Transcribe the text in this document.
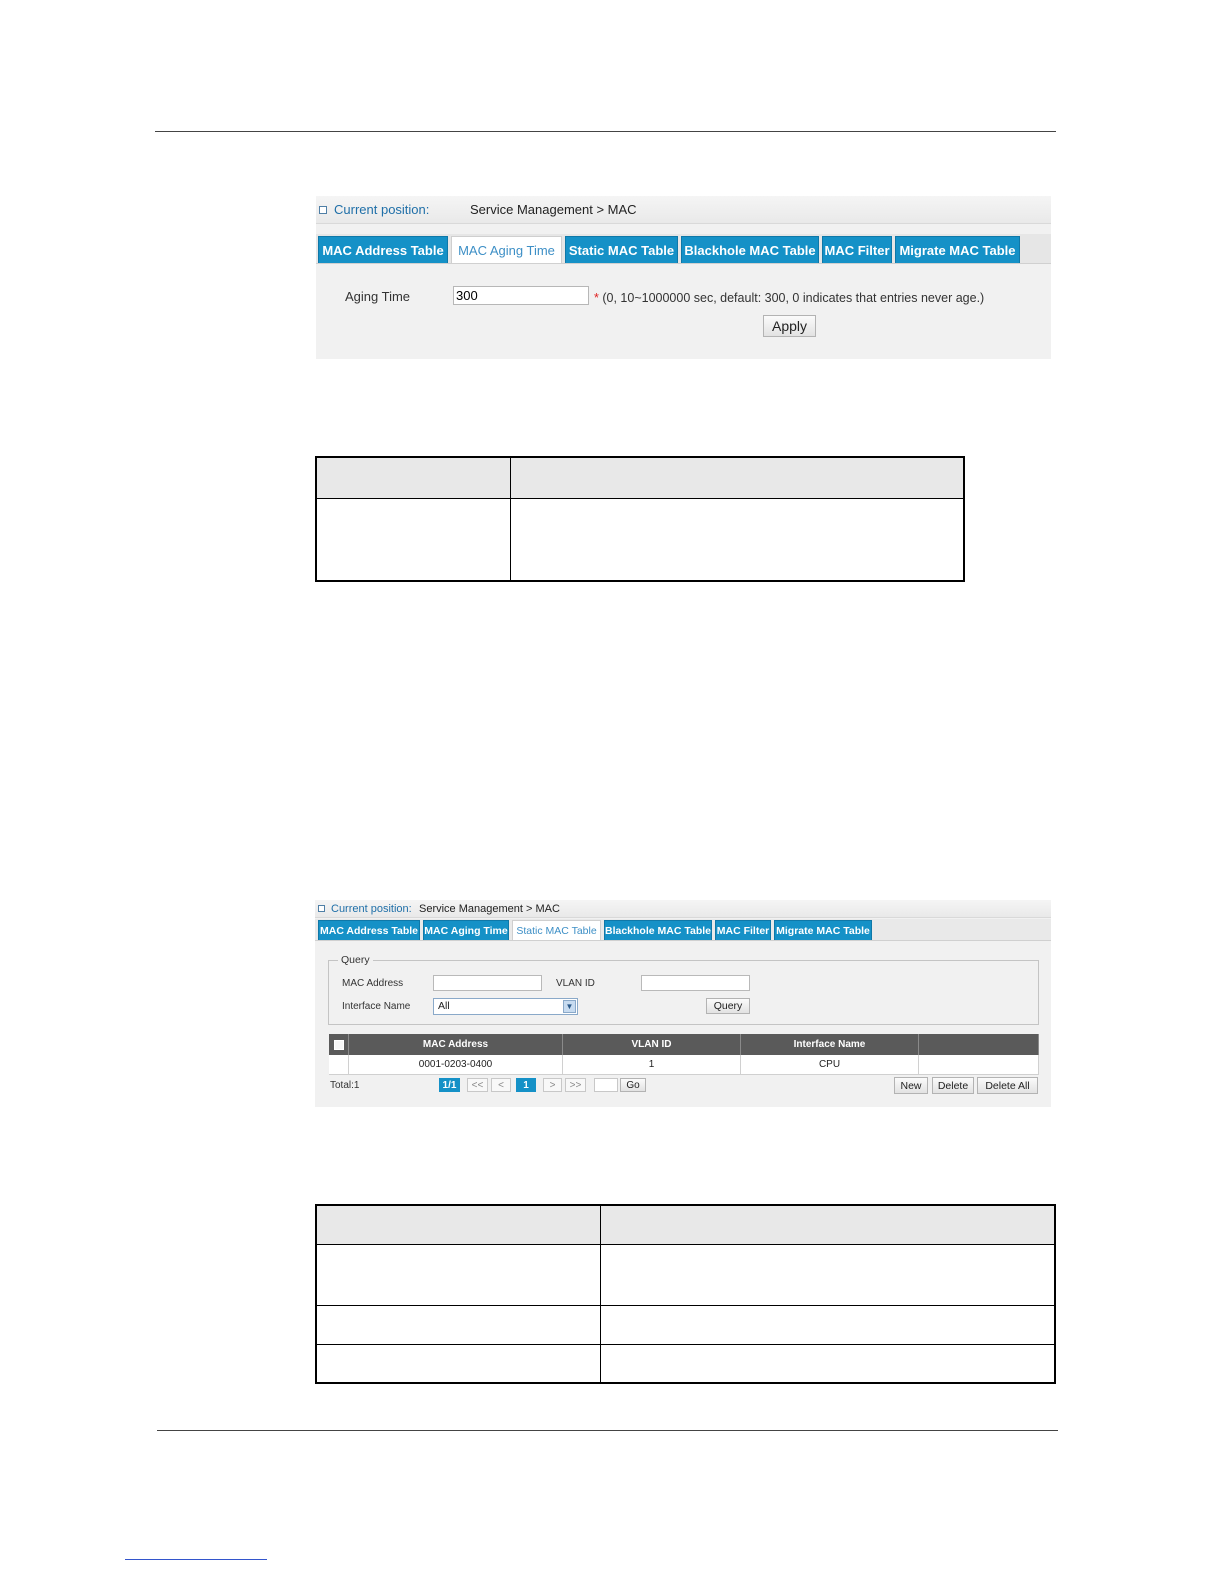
Current position:	Service Management > MAC
MAC Address Table	MAC Aging Time	Static MAC Table Blackhole MAC Table MAC Filter Migrate MAC Table
Aging Time
300	* (0, 10~1000000 sec, default: 300, 0 indicates that entries never age.)
Apply
Current position: Service Management > MAC
MAC Address Table MAC Aging Time Static MAC Table Blackhole MAC Table MAC Filter Migrate MAC Table
Query
MAC Address	VLAN ID
Interface Name	All	▼	Query
MAC Address	VLAN ID	Interface Name
0001-0203-0400	1	CPU
Total:1	1/1	<<	<	1	>	>>	Go	New	Delete	Delete All
